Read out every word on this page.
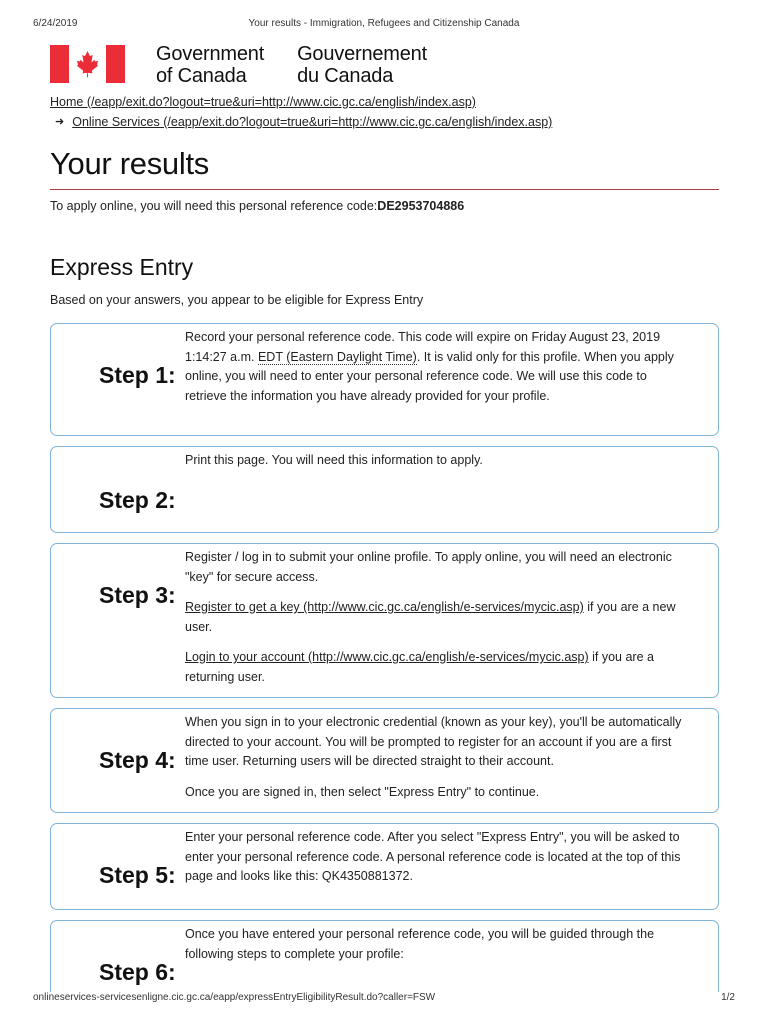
6/24/2019	Your results - Immigration, Refugees and Citizenship Canada
Government
of Canada
Gouvernement
du Canada
Home (/eapp/exit.do?logout=true&uri=http://www.cic.gc.ca/english/index.asp)
➜ Online Services (/eapp/exit.do?logout=true&uri=http://www.cic.gc.ca/english/index.asp)
Your results
To apply online, you will need this personal reference code:DE2953704886
Express Entry
Based on your answers, you appear to be eligible for Express Entry
Step 1:

Record your personal reference code. This code will expire on Friday August 23, 2019 1:14:27 a.m. EDT (Eastern Daylight Time). It is valid only for this profile. When you apply online, you will need to enter your personal reference code. We will use this code to retrieve the information you have already provided for your profile.

Step 2:

Print this page. You will need this information to apply.

Step 3:

Register / log in to submit your online profile. To apply online, you will need an electronic "key" for secure access.

Register to get a key (http://www.cic.gc.ca/english/e-services/mycic.asp) if you are a new user.

Login to your account (http://www.cic.gc.ca/english/e-services/mycic.asp) if you are a returning user.

Step 4:

When you sign in to your electronic credential (known as your key), you'll be automatically directed to your account. You will be prompted to register for an account if you are a first time user. Returning users will be directed straight to their account.

Once you are signed in, then select "Express Entry" to continue.

Step 5:

Enter your personal reference code. After you select "Express Entry", you will be asked to enter your personal reference code. A personal reference code is located at the top of this page and looks like this: QK4350881372.

Step 6:

Once you have entered your personal reference code, you will be guided through the following steps to complete your profile:

onlineservices-servicesenligne.cic.gc.ca/eapp/expressEntryEligibilityResult.do?caller=FSW	1/2
